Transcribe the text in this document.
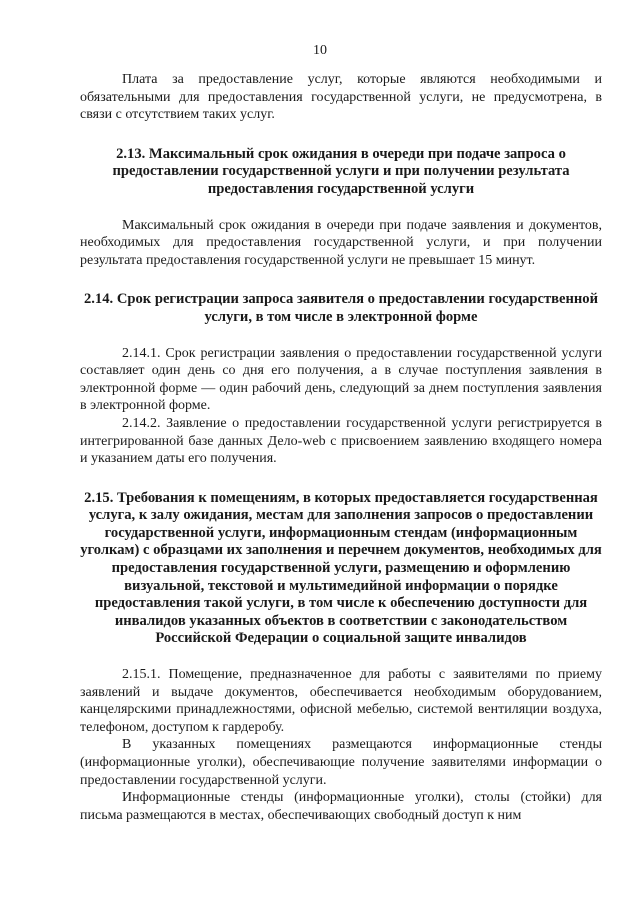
10

Плата за предоставление услуг, которые являются необходимыми и обязательными для предоставления государственной услуги, не предусмотрена, в связи с отсутствием таких услуг.

2.13. Максимальный срок ожидания в очереди при подаче запроса о предоставлении государственной услуги и при получении результата предоставления государственной услуги

Максимальный срок ожидания в очереди при подаче заявления и документов, необходимых для предоставления государственной услуги, и при получении результата предоставления государственной услуги не превышает 15 минут.

2.14. Срок регистрации запроса заявителя о предоставлении государственной услуги, в том числе в электронной форме

2.14.1. Срок регистрации заявления о предоставлении государственной услуги составляет один день со дня его получения, а в случае поступления заявления в электронной форме — один рабочий день, следующий за днем поступления заявления в электронной форме.

2.14.2. Заявление о предоставлении государственной услуги регистрируется в интегрированной базе данных Дело-web с присвоением заявлению входящего номера и указанием даты его получения.

2.15. Требования к помещениям, в которых предоставляется государственная услуга, к залу ожидания, местам для заполнения запросов о предоставлении государственной услуги, информационным стендам (информационным уголкам) с образцами их заполнения и перечнем документов, необходимых для предоставления государственной услуги, размещению и оформлению визуальной, текстовой и мультимедийной информации о порядке предоставления такой услуги, в том числе к обеспечению доступности для инвалидов указанных объектов в соответствии с законодательством Российской Федерации о социальной защите инвалидов

2.15.1. Помещение, предназначенное для работы с заявителями по приему заявлений и выдаче документов, обеспечивается необходимым оборудованием, канцелярскими принадлежностями, офисной мебелью, системой вентиляции воздуха, телефоном, доступом к гардеробу.

В указанных помещениях размещаются информационные стенды (информационные уголки), обеспечивающие получение заявителями информации о предоставлении государственной услуги.

Информационные стенды (информационные уголки), столы (стойки) для письма размещаются в местах, обеспечивающих свободный доступ к ним
